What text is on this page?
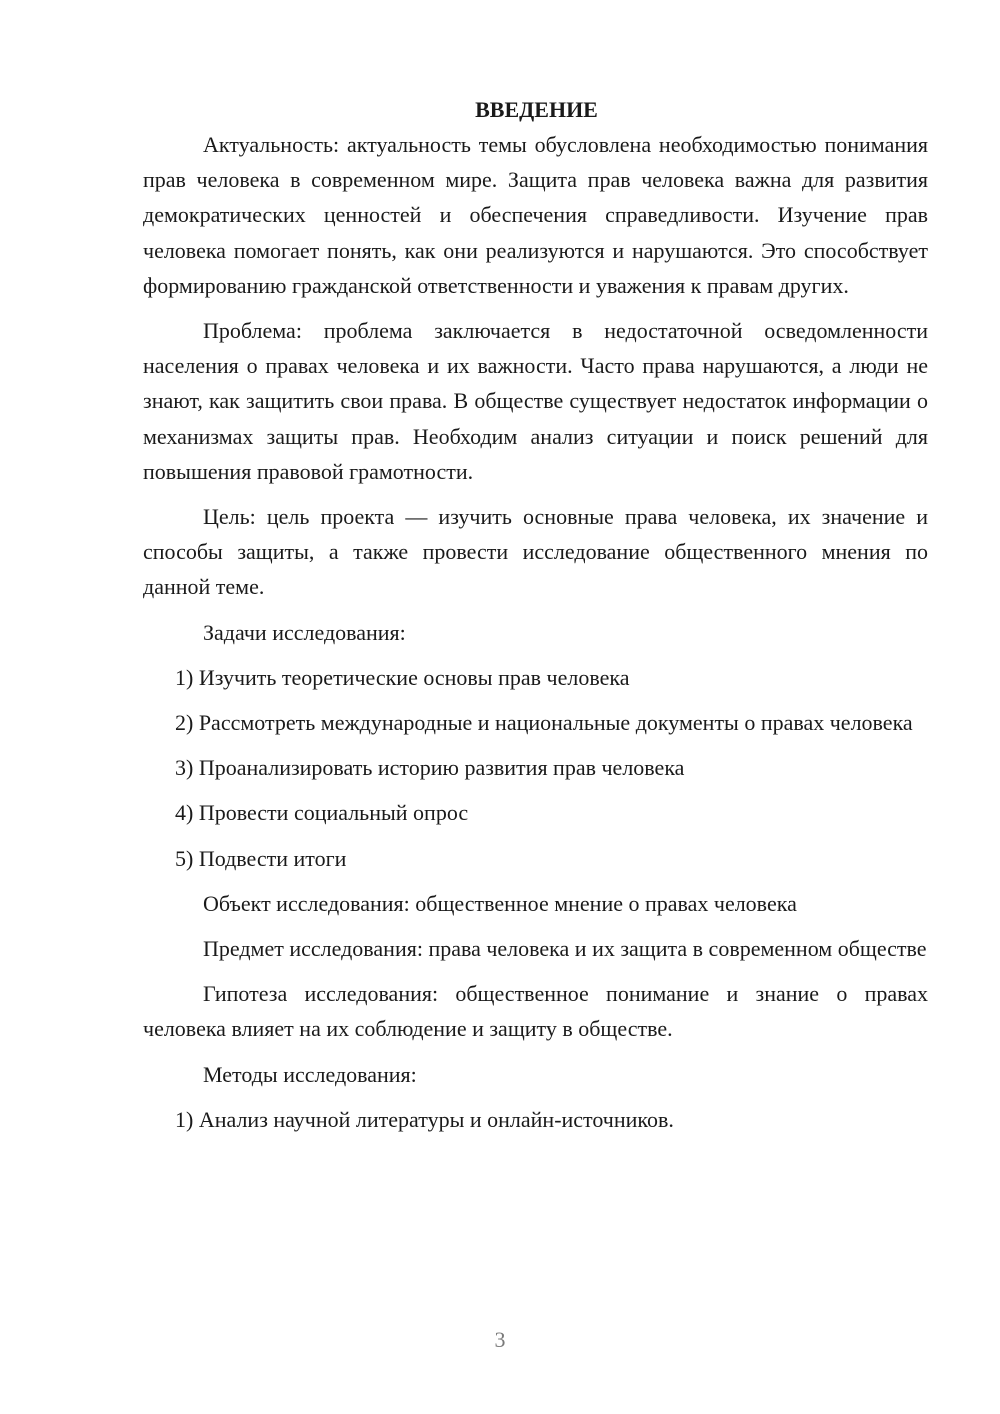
ВВЕДЕНИЕ

Актуальность: актуальность темы обусловлена необходимостью понимания прав человека в современном мире. Защита прав человека важна для развития демократических ценностей и обеспечения справедливости. Изучение прав человека помогает понять, как они реализуются и нарушаются. Это способствует формированию гражданской ответственности и уважения к правам других.

Проблема: проблема заключается в недостаточной осведомленности населения о правах человека и их важности. Часто права нарушаются, а люди не знают, как защитить свои права. В обществе существует недостаток информации о механизмах защиты прав. Необходим анализ ситуации и поиск решений для повышения правовой грамотности.

Цель: цель проекта — изучить основные права человека, их значение и способы защиты, а также провести исследование общественного мнения по данной теме.

Задачи исследования:

1) Изучить теоретические основы прав человека

2) Рассмотреть международные и национальные документы о правах человека

3) Проанализировать историю развития прав человека

4) Провести социальный опрос

5) Подвести итоги

Объект исследования: общественное мнение о правах человека

Предмет исследования: права человека и их защита в современном обществе

Гипотеза исследования: общественное понимание и знание о правах человека влияет на их соблюдение и защиту в обществе.

Методы исследования:

1) Анализ научной литературы и онлайн-источников.

3
